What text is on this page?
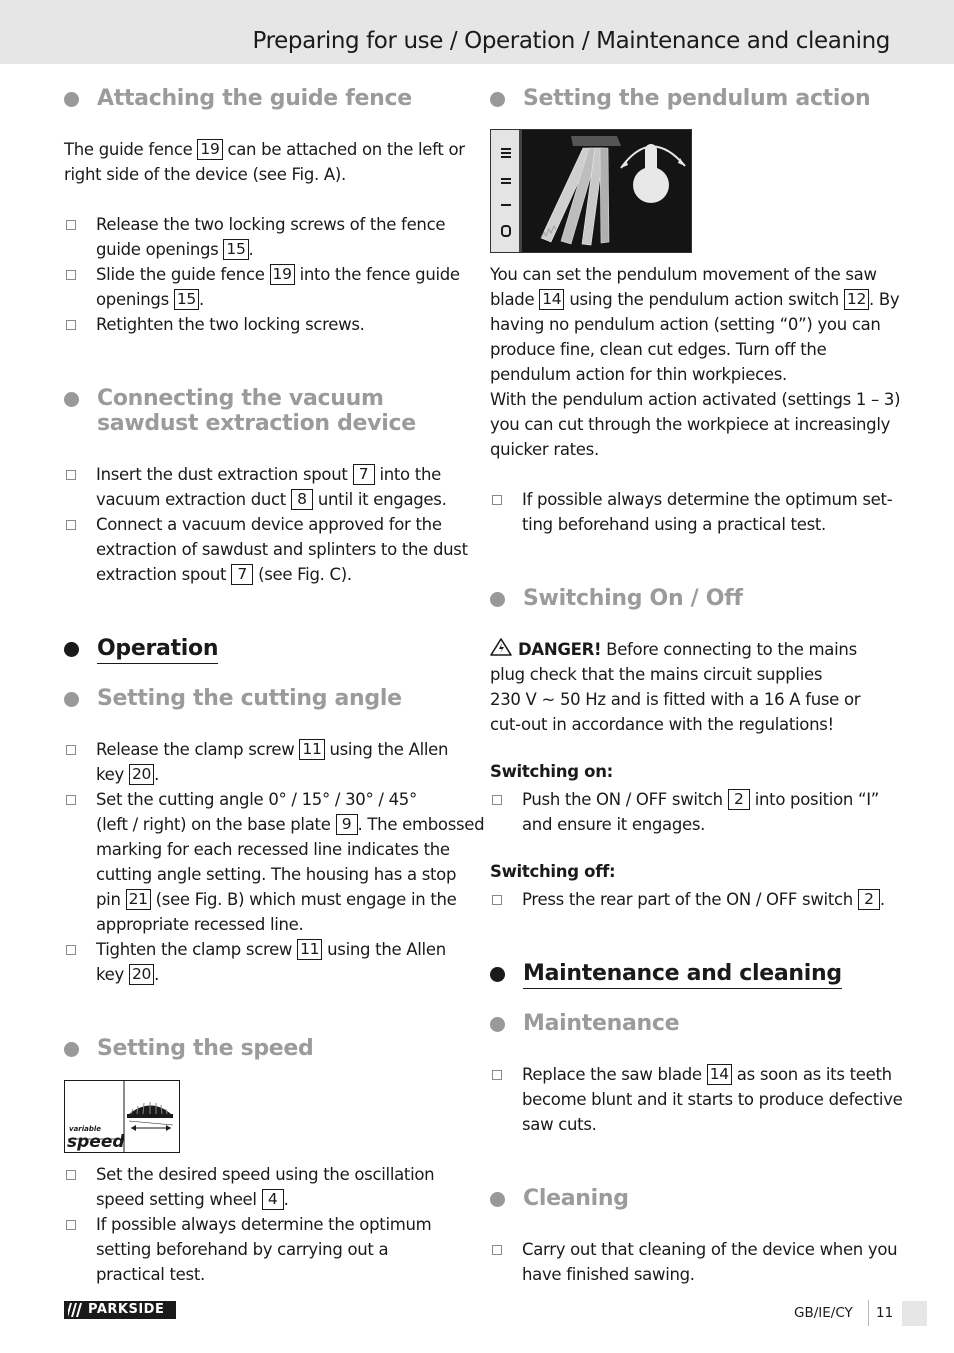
Preparing for use / Operation / Maintenance and cleaning
Attaching the guide fence
The guide fence 19 can be attached on the left or
right side of the device (see Fig. A).
Release the two locking screws of the fence
guide openings 15 .
Slide the guide fence 19 into the fence guide
openings 15 .
Retighten the two locking screws.
Connecting the vacuum
sawdust extraction device
Insert the dust extraction spout 7 into the
vacuum extraction duct 8 until it engages.
Connect a vacuum device approved for the
extraction of sawdust and splinters to the dust
extraction spout 7 (see Fig. C).
Operation
Setting the cutting angle
Release the clamp screw 11 using the Allen
key 20 .
Set the cutting angle 0° / 15° / 30° / 45°
(left / right) on the base plate 9 . The embossed
marking for each recessed line indicates the
cutting angle setting. The housing has a stop
pin 21 (see Fig. B) which must engage in the
appropriate recessed line.
Tighten the clamp screw 11 using the Allen
key 20 .
Setting the speed
variable
speed
Set the desired speed using the oscillation
speed setting wheel 4 .
If possible always determine the optimum
setting beforehand by carrying out a
practical test.
Setting the pendulum action
You can set the pendulum movement of the saw
blade 14 using the pendulum action switch 12 . By
having no pendulum action (setting “0”) you can
produce fine, clean cut edges. Turn off the
pendulum action for thin workpieces.
With the pendulum action activated (settings 1 – 3)
you can cut through the workpiece at increasingly
quicker rates.
If possible always determine the optimum set-
ting beforehand using a practical test.
Switching On / Off
DANGER! Before connecting to the mains
plug check that the mains circuit supplies
230 V ~ 50 Hz and is fitted with a 16 A fuse or
cut-out in accordance with the regulations!
Switching on:
Push the ON / OFF switch 2 into position “I”
and ensure it engages.
Switching off:
Press the rear part of the ON / OFF switch 2 .
Maintenance and cleaning
Maintenance
Replace the saw blade 14 as soon as its teeth
become blunt and it starts to produce defective
saw cuts.
Cleaning
Carry out that cleaning of the device when you
have finished sawing.
PARKSIDE	GB/IE/CY 11
